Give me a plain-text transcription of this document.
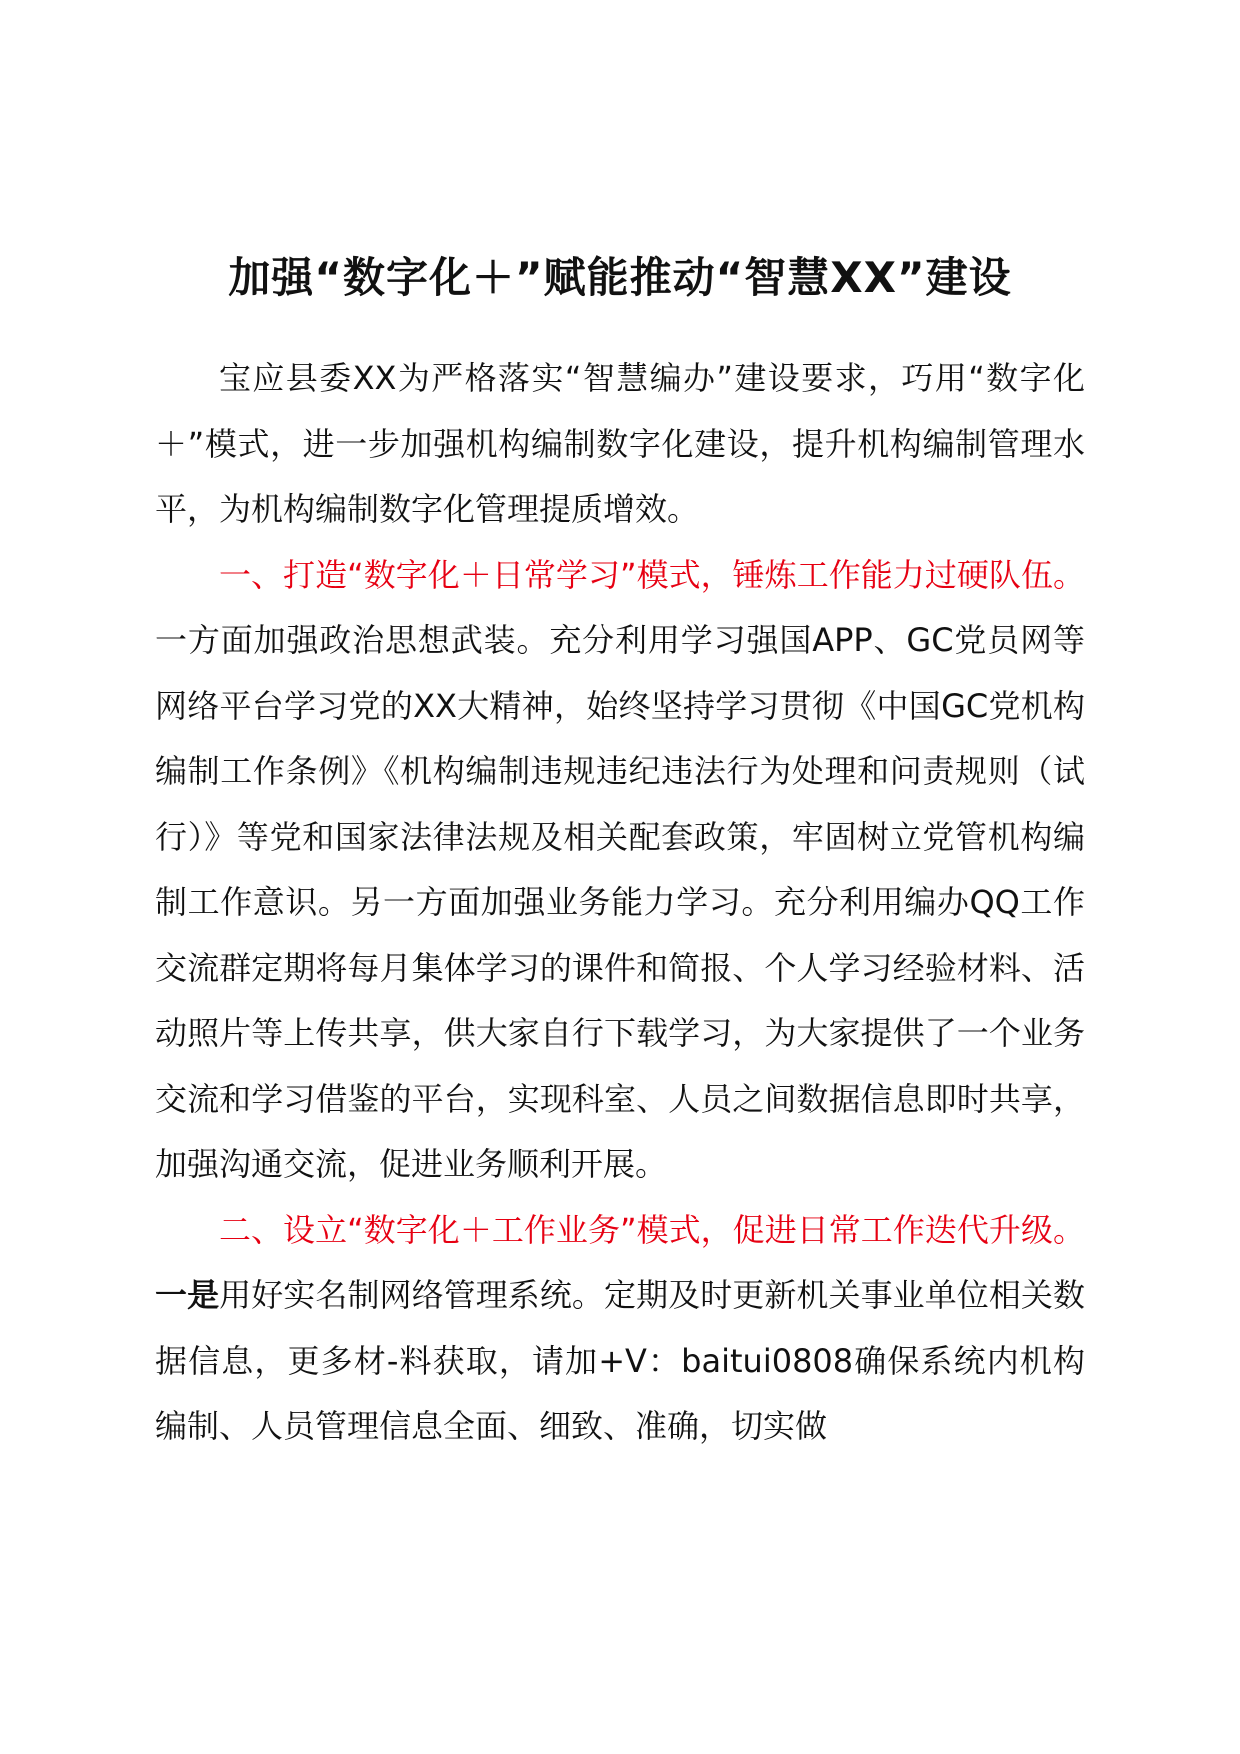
加强“数字化＋”赋能推动“智慧XX”建设

宝应县委XX为严格落实“智慧编办”建设要求，巧用“数字化＋”模式，进一步加强机构编制数字化建设，提升机构编制管理水平，为机构编制数字化管理提质增效。

一、打造“数字化＋日常学习”模式，锤炼工作能力过硬队伍。一方面加强政治思想武装。充分利用学习强国APP、GC党员网等网络平台学习党的XX大精神，始终坚持学习贯彻《中国GC党机构编制工作条例》《机构编制违规违纪违法行为处理和问责规则（试行）》等党和国家法律法规及相关配套政策，牢固树立党管机构编制工作意识。另一方面加强业务能力学习。充分利用编办QQ工作交流群定期将每月集体学习的课件和简报、个人学习经验材料、活动照片等上传共享，供大家自行下载学习，为大家提供了一个业务交流和学习借鉴的平台，实现科室、人员之间数据信息即时共享，加强沟通交流，促进业务顺利开展。

二、设立“数字化＋工作业务”模式，促进日常工作迭代升级。一是用好实名制网络管理系统。定期及时更新机关事业单位相关数据信息，更多材-料获取，请加+V：baitui0808确保系统内机构编制、人员管理信息全面、细致、准确，切实做
